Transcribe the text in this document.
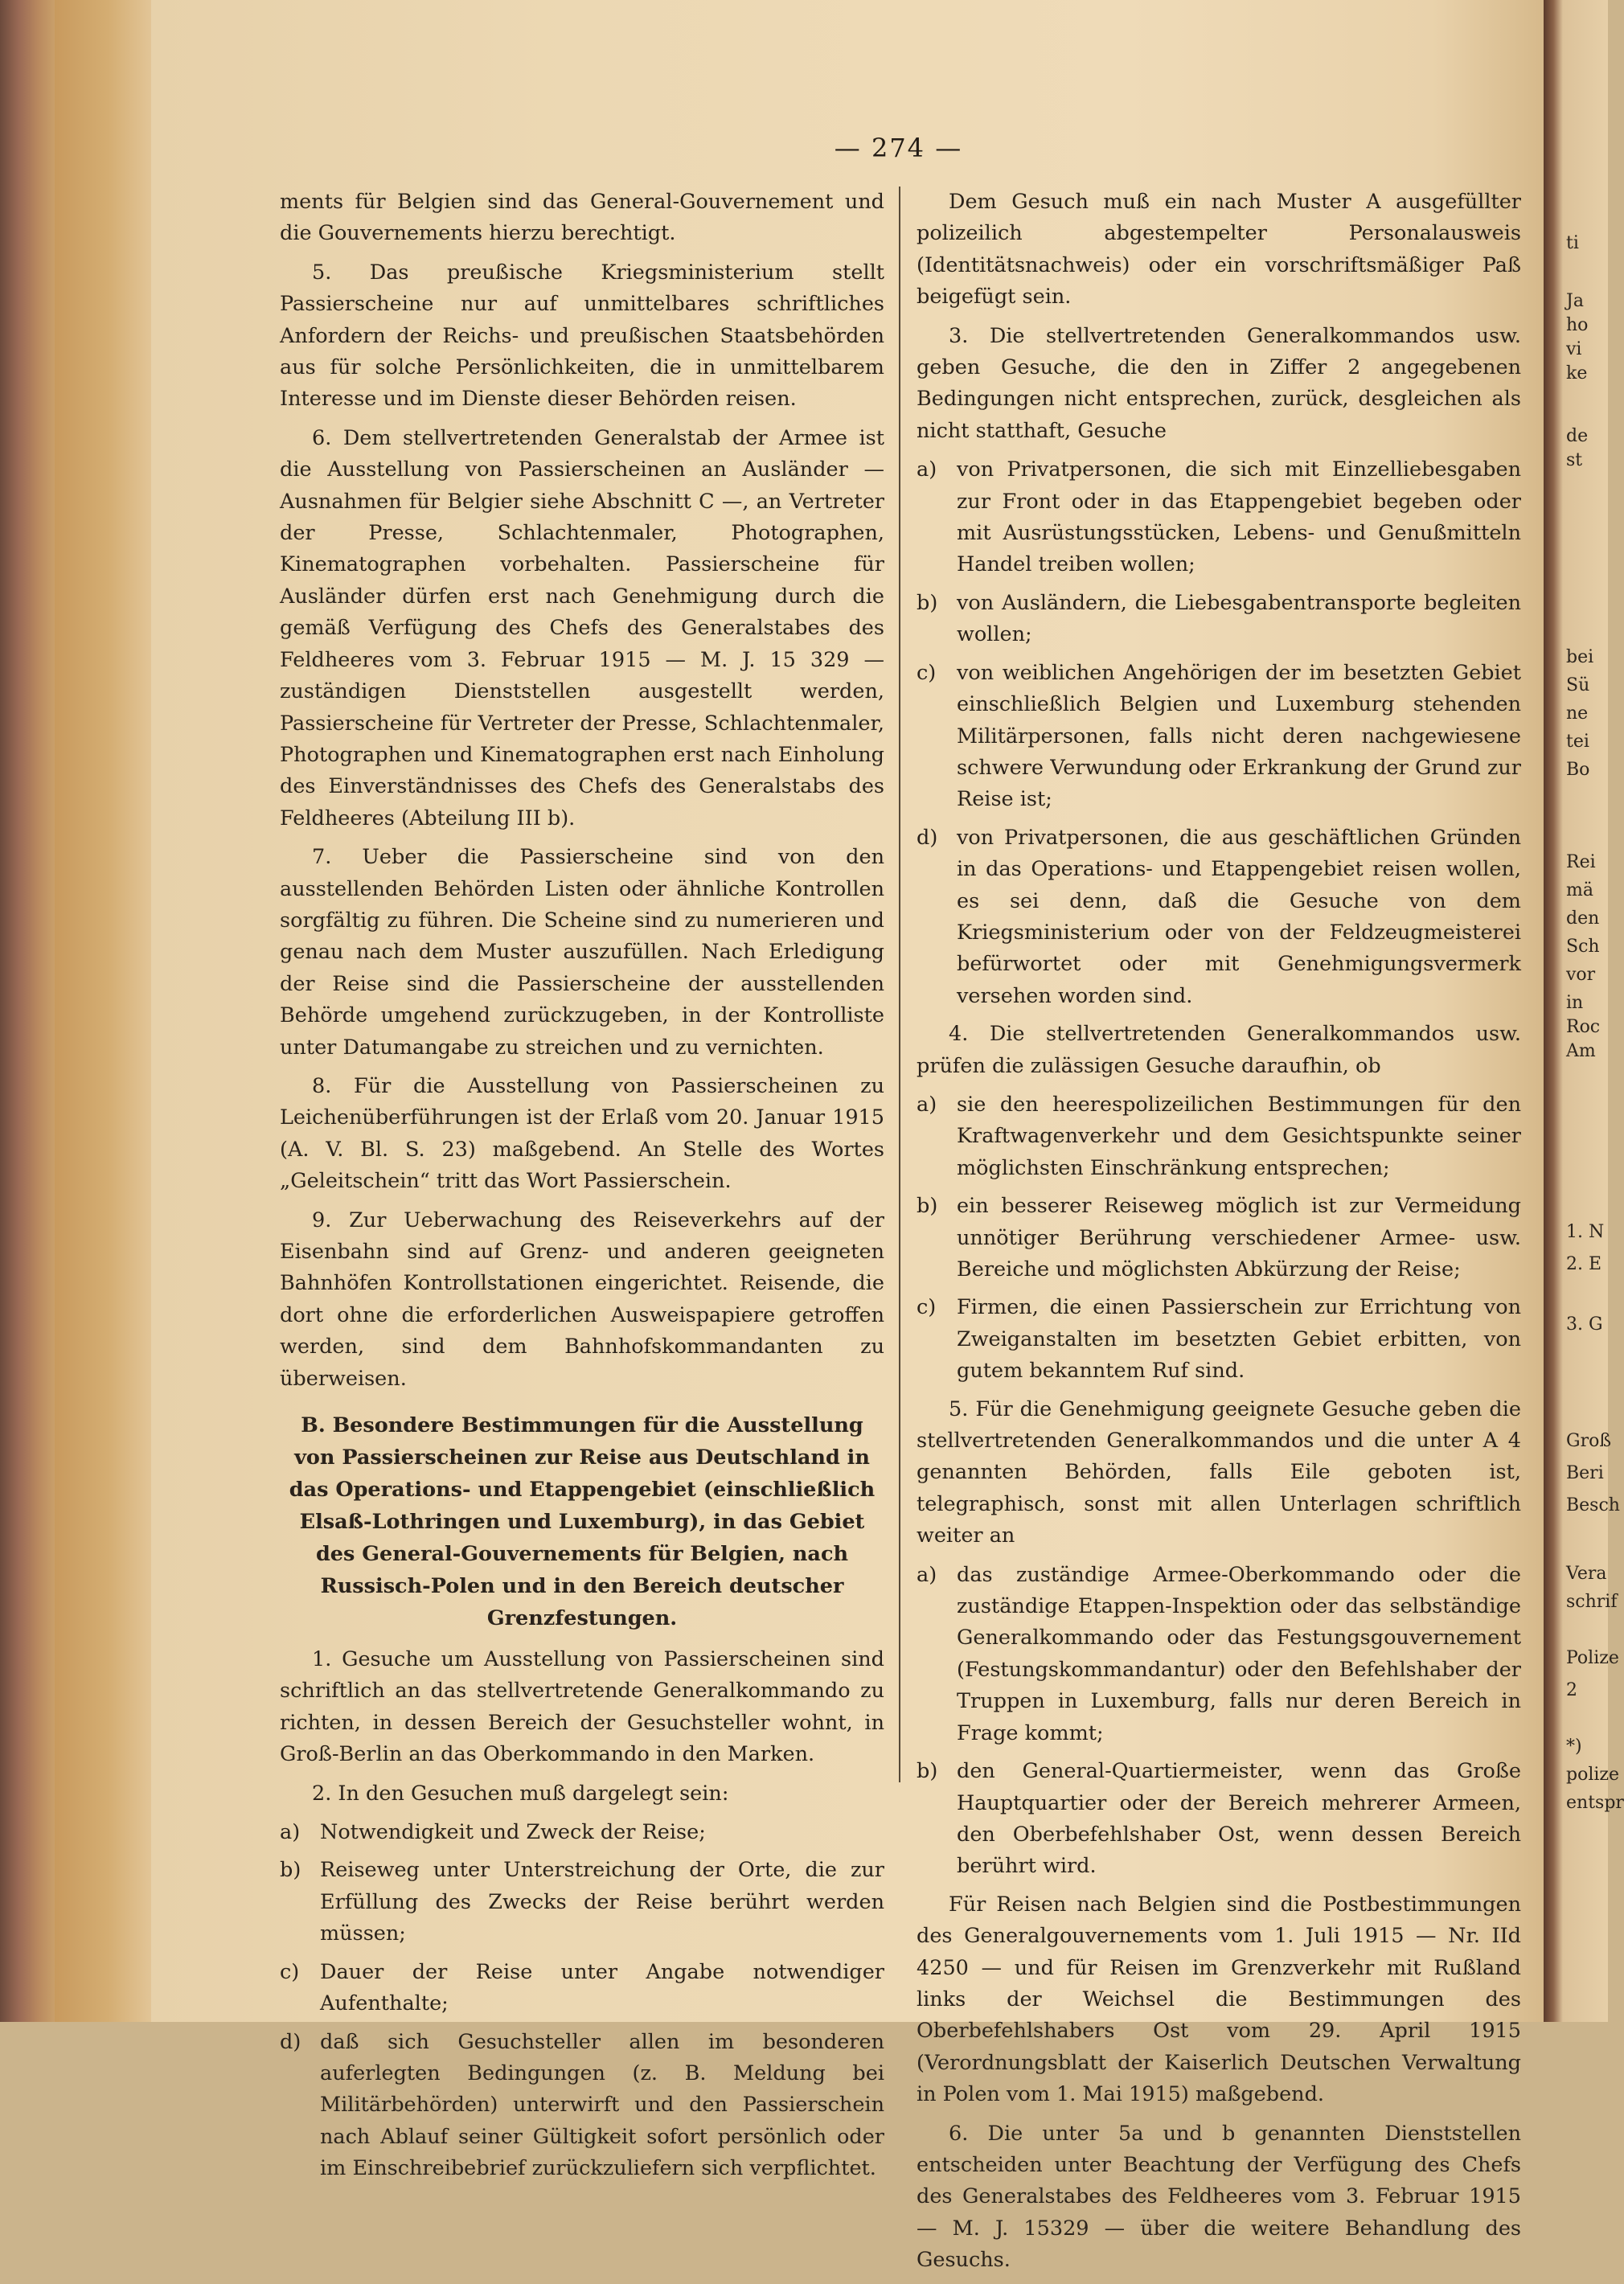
ti
Ja
ho
vi
ke
de
st
bei
Sü
ne
tei
Bo
Rei
mä
den
Sch
vor
in
Roc
Am
1. N
2. E
3. G
Groß
Beri
Besch
Vera
schrif
Polize
2
*)
polize
entspr
— 274 —

ments für Belgien sind das General-Gouvernement und die Gouvernements hierzu berechtigt.

5. Das preußische Kriegsministerium stellt Passierscheine nur auf unmittelbares schriftliches Anfordern der Reichs- und preußischen Staatsbehörden aus für solche Persönlichkeiten, die in unmittelbarem Interesse und im Dienste dieser Behörden reisen.

6. Dem stellvertretenden Generalstab der Armee ist die Ausstellung von Passierscheinen an Ausländer — Ausnahmen für Belgier siehe Abschnitt C —, an Vertreter der Presse, Schlachtenmaler, Photographen, Kinematographen vorbehalten. Passierscheine für Ausländer dürfen erst nach Genehmigung durch die gemäß Verfügung des Chefs des Generalstabes des Feldheeres vom 3. Februar 1915 — M. J. 15 329 — zuständigen Dienststellen ausgestellt werden, Passierscheine für Vertreter der Presse, Schlachtenmaler, Photographen und Kinematographen erst nach Einholung des Einverständnisses des Chefs des Generalstabs des Feldheeres (Abteilung III b).

7. Ueber die Passierscheine sind von den ausstellenden Behörden Listen oder ähnliche Kontrollen sorgfältig zu führen. Die Scheine sind zu numerieren und genau nach dem Muster auszufüllen. Nach Erledigung der Reise sind die Passierscheine der ausstellenden Behörde umgehend zurückzugeben, in der Kontrolliste unter Datumangabe zu streichen und zu vernichten.

8. Für die Ausstellung von Passierscheinen zu Leichenüberführungen ist der Erlaß vom 20. Januar 1915 (A. V. Bl. S. 23) maßgebend. An Stelle des Wortes „Geleitschein“ tritt das Wort Passierschein.

9. Zur Ueberwachung des Reiseverkehrs auf der Eisenbahn sind auf Grenz- und anderen geeigneten Bahnhöfen Kontrollstationen eingerichtet. Reisende, die dort ohne die erforderlichen Ausweispapiere getroffen werden, sind dem Bahnhofskommandanten zu überweisen.

B. Besondere Bestimmungen für die Ausstellung von Passierscheinen zur Reise aus Deutschland in das Operations- und Etappengebiet (einschließlich Elsaß-Lothringen und Luxemburg), in das Gebiet des General-Gouvernements für Belgien, nach Russisch-Polen und in den Bereich deutscher Grenzfestungen.

1. Gesuche um Ausstellung von Passierscheinen sind schriftlich an das stellvertretende Generalkommando zu richten, in dessen Bereich der Gesuchsteller wohnt, in Groß-Berlin an das Oberkommando in den Marken.

2. In den Gesuchen muß dargelegt sein:

a) Notwendigkeit und Zweck der Reise;
b) Reiseweg unter Unterstreichung der Orte, die zur Erfüllung des Zwecks der Reise berührt werden müssen;
c) Dauer der Reise unter Angabe notwendiger Aufenthalte;
d) daß sich Gesuchsteller allen im besonderen auferlegten Bedingungen (z. B. Meldung bei Militärbehörden) unterwirft und den Passierschein nach Ablauf seiner Gültigkeit sofort persönlich oder im Einschreibebrief zurückzuliefern sich verpflichtet.

Dem Gesuch muß ein nach Muster A ausgefüllter polizeilich abgestempelter Personalausweis (Identitätsnachweis) oder ein vorschriftsmäßiger Paß beigefügt sein.

3. Die stellvertretenden Generalkommandos usw. geben Gesuche, die den in Ziffer 2 angegebenen Bedingungen nicht entsprechen, zurück, desgleichen als nicht statthaft, Gesuche

a) von Privatpersonen, die sich mit Einzelliebesgaben zur Front oder in das Etappengebiet begeben oder mit Ausrüstungsstücken, Lebens- und Genußmitteln Handel treiben wollen;
b) von Ausländern, die Liebesgabentransporte begleiten wollen;
c) von weiblichen Angehörigen der im besetzten Gebiet einschließlich Belgien und Luxemburg stehenden Militärpersonen, falls nicht deren nachgewiesene schwere Verwundung oder Erkrankung der Grund zur Reise ist;
d) von Privatpersonen, die aus geschäftlichen Gründen in das Operations- und Etappengebiet reisen wollen, es sei denn, daß die Gesuche von dem Kriegsministerium oder von der Feldzeugmeisterei befürwortet oder mit Genehmigungsvermerk versehen worden sind.

4. Die stellvertretenden Generalkommandos usw. prüfen die zulässigen Gesuche daraufhin, ob

a) sie den heerespolizeilichen Bestimmungen für den Kraftwagenverkehr und dem Gesichtspunkte seiner möglichsten Einschränkung entsprechen;
b) ein besserer Reiseweg möglich ist zur Vermeidung unnötiger Berührung verschiedener Armee- usw. Bereiche und möglichsten Abkürzung der Reise;
c) Firmen, die einen Passierschein zur Errichtung von Zweiganstalten im besetzten Gebiet erbitten, von gutem bekanntem Ruf sind.

5. Für die Genehmigung geeignete Gesuche geben die stellvertretenden Generalkommandos und die unter A 4 genannten Behörden, falls Eile geboten ist, telegraphisch, sonst mit allen Unterlagen schriftlich weiter an

a) das zuständige Armee-Oberkommando oder die zuständige Etappen-Inspektion oder das selbständige Generalkommando oder das Festungsgouvernement (Festungskommandantur) oder den Befehlshaber der Truppen in Luxemburg, falls nur deren Bereich in Frage kommt;
b) den General-Quartiermeister, wenn das Große Hauptquartier oder der Bereich mehrerer Armeen, den Oberbefehlshaber Ost, wenn dessen Bereich berührt wird.

Für Reisen nach Belgien sind die Postbestimmungen des Generalgouvernements vom 1. Juli 1915 — Nr. IId 4250 — und für Reisen im Grenzverkehr mit Rußland links der Weichsel die Bestimmungen des Oberbefehlshabers Ost vom 29. April 1915 (Verordnungsblatt der Kaiserlich Deutschen Verwaltung in Polen vom 1. Mai 1915) maßgebend.

6. Die unter 5a und b genannten Dienststellen entscheiden unter Beachtung der Verfügung des Chefs des Generalstabes des Feldheeres vom 3. Februar 1915 — M. J. 15329 — über die weitere Behandlung des Gesuchs.
